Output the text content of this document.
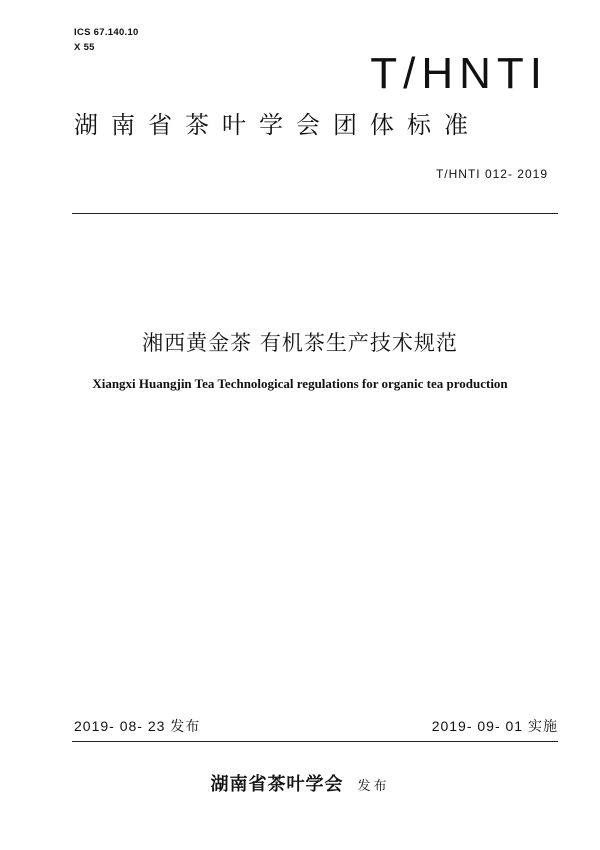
ICS 67.140.10
X 55
T/HNTI
湖南省茶叶学会团体标准
T/HNTI 012- 2019
湘西黄金茶 有机茶生产技术规范
Xiangxi Huangjin Tea Technological regulations for organic tea production
2019- 08- 23 发布	2019- 09- 01 实施
湖南省茶叶学会 发布
